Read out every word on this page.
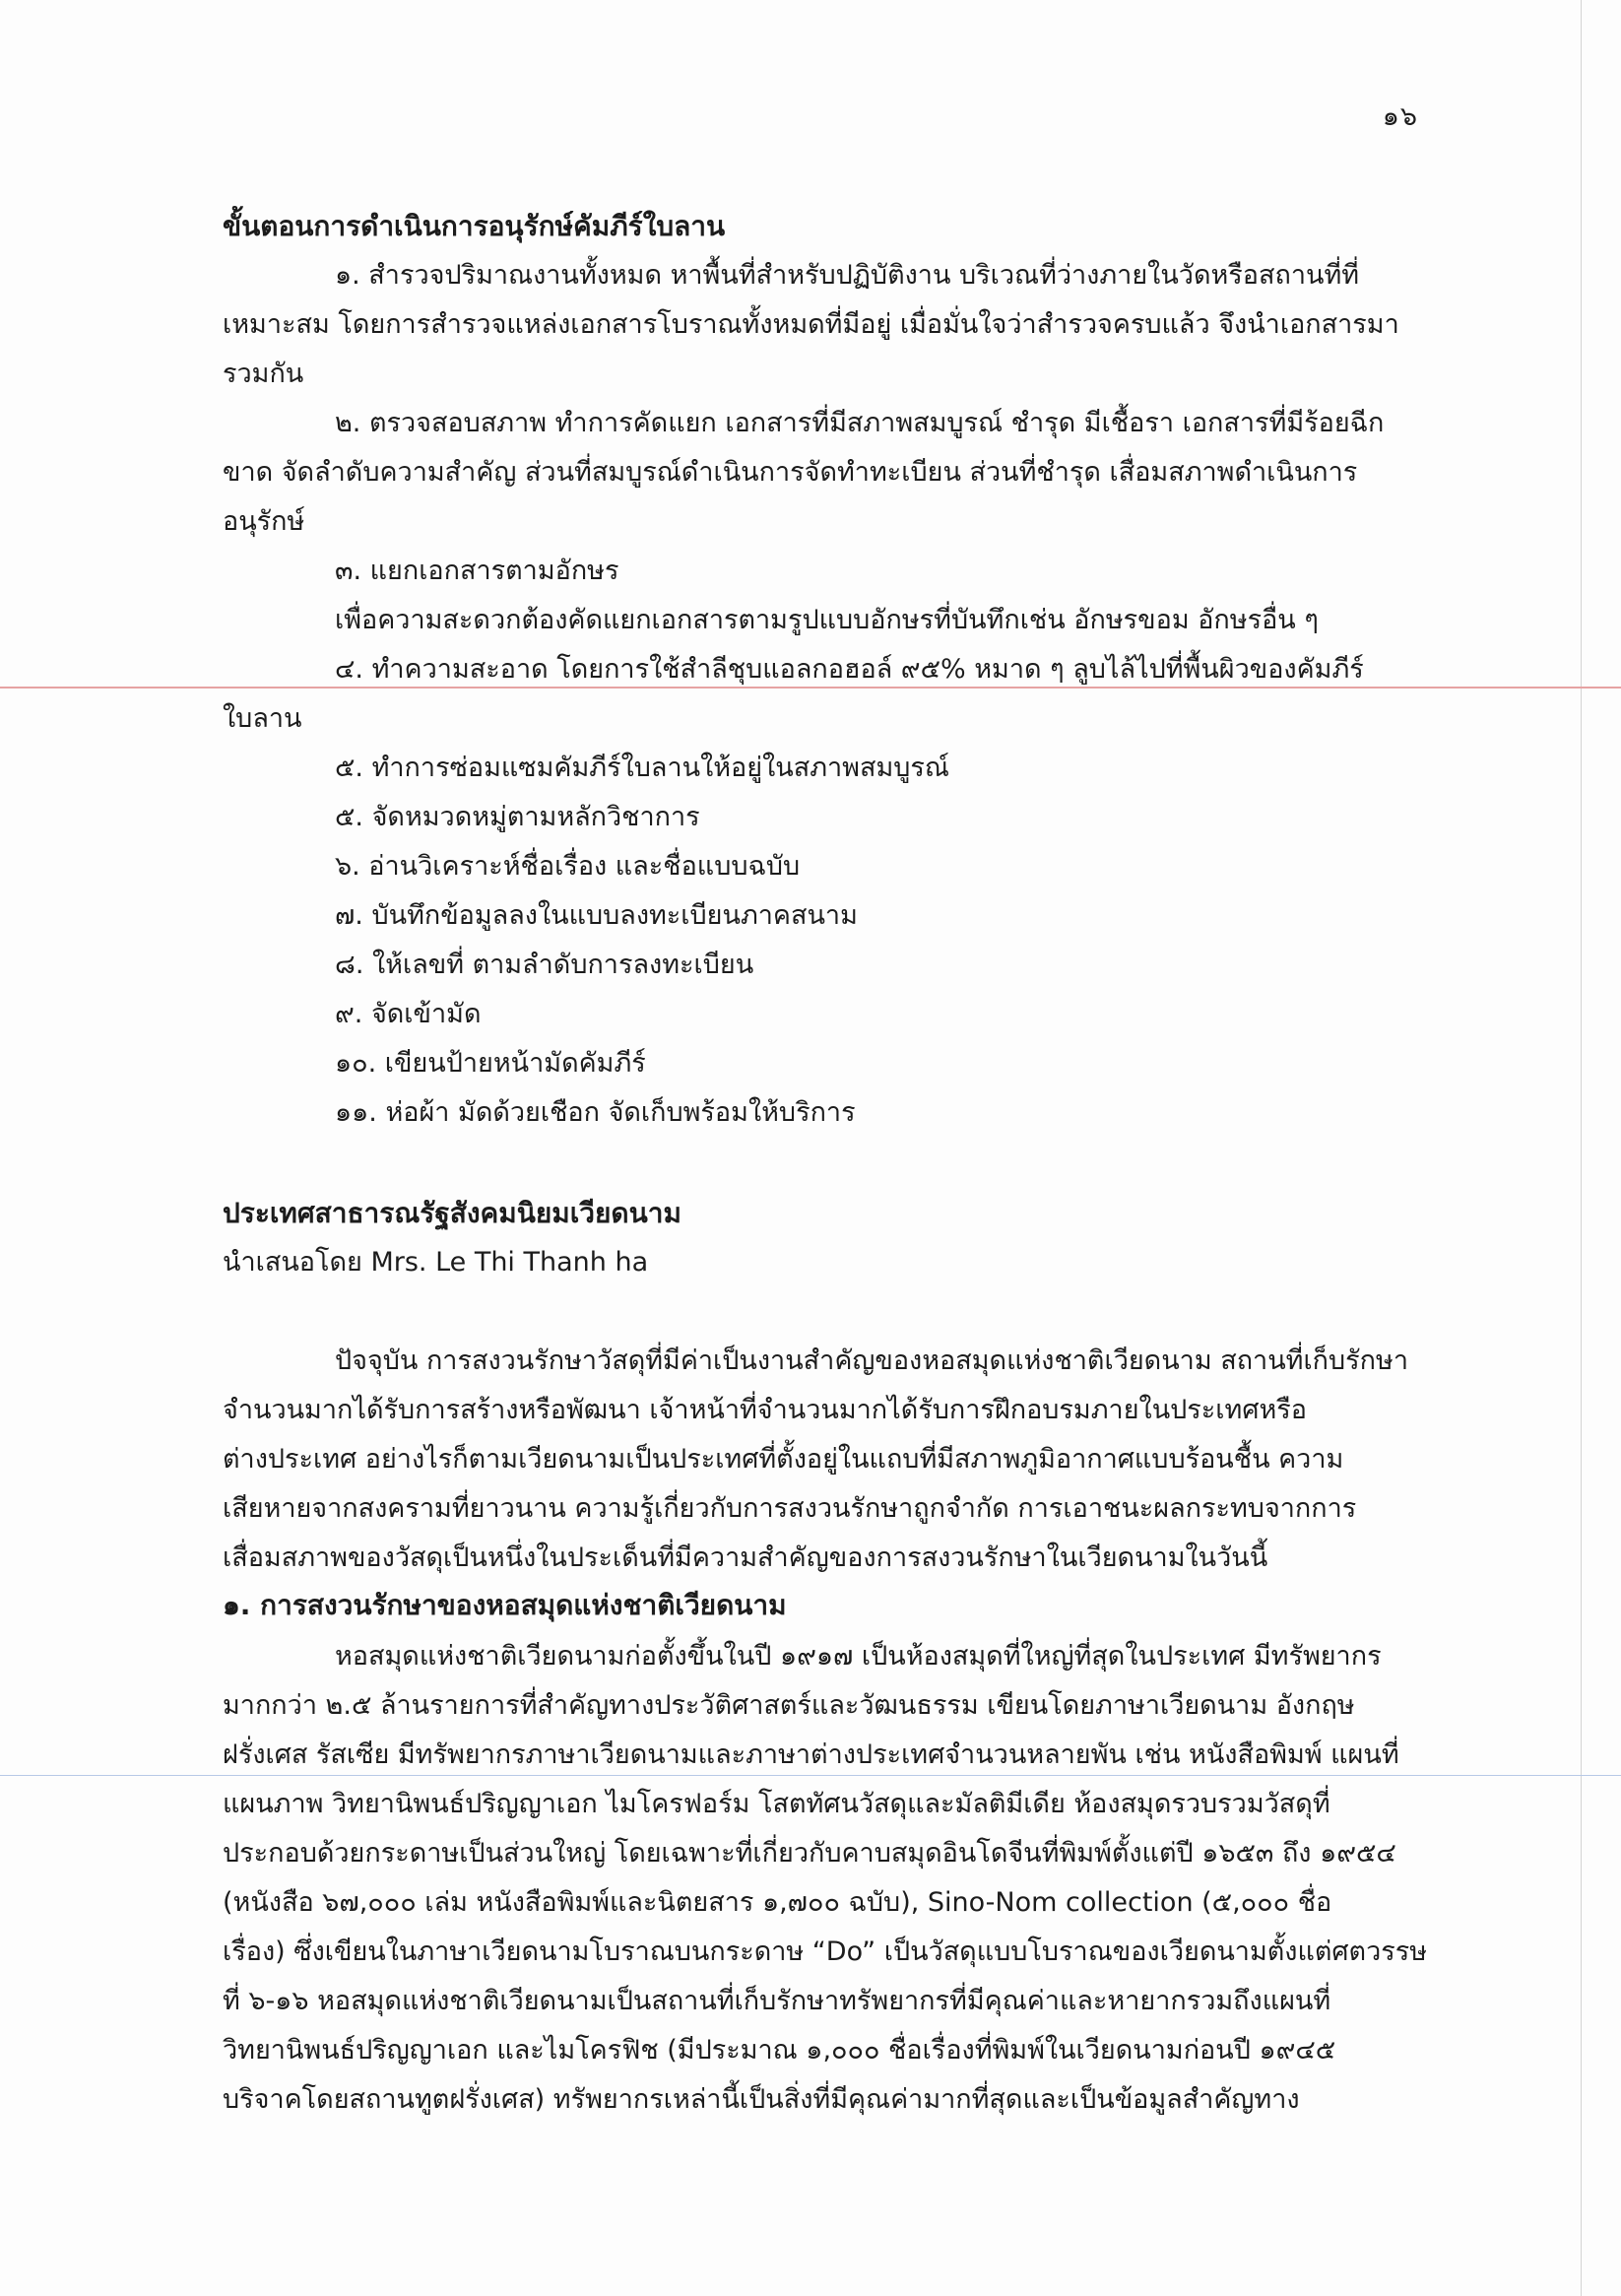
๑๖
ขั้นตอนการดำเนินการอนุรักษ์คัมภีร์ใบลาน
๑. สำรวจปริมาณงานทั้งหมด หาพื้นที่สำหรับปฏิบัติงาน บริเวณที่ว่างภายในวัดหรือสถานที่ที่
เหมาะสม โดยการสำรวจแหล่งเอกสารโบราณทั้งหมดที่มีอยู่ เมื่อมั่นใจว่าสำรวจครบแล้ว จึงนำเอกสารมา
รวมกัน
๒. ตรวจสอบสภาพ ทำการคัดแยก เอกสารที่มีสภาพสมบูรณ์ ชำรุด มีเชื้อรา เอกสารที่มีร้อยฉีก
ขาด จัดลำดับความสำคัญ ส่วนที่สมบูรณ์ดำเนินการจัดทำทะเบียน ส่วนที่ชำรุด เสื่อมสภาพดำเนินการ
อนุรักษ์
๓. แยกเอกสารตามอักษร
เพื่อความสะดวกต้องคัดแยกเอกสารตามรูปแบบอักษรที่บันทึกเช่น อักษรขอม อักษรอื่น ๆ
๔. ทำความสะอาด โดยการใช้สำลีชุบแอลกอฮอล์ ๙๕% หมาด ๆ ลูบไล้ไปที่พื้นผิวของคัมภีร์
ใบลาน
๕. ทำการซ่อมแซมคัมภีร์ใบลานให้อยู่ในสภาพสมบูรณ์
๕. จัดหมวดหมู่ตามหลักวิชาการ
๖. อ่านวิเคราะห์ชื่อเรื่อง และชื่อแบบฉบับ
๗. บันทึกข้อมูลลงในแบบลงทะเบียนภาคสนาม
๘. ให้เลขที่ ตามลำดับการลงทะเบียน
๙. จัดเข้ามัด
๑๐. เขียนป้ายหน้ามัดคัมภีร์
๑๑. ห่อผ้า มัดด้วยเชือก จัดเก็บพร้อมให้บริการ
ประเทศสาธารณรัฐสังคมนิยมเวียดนาม
นำเสนอโดย Mrs. Le Thi Thanh ha
ปัจจุบัน การสงวนรักษาวัสดุที่มีค่าเป็นงานสำคัญของหอสมุดแห่งชาติเวียดนาม สถานที่เก็บรักษา
จำนวนมากได้รับการสร้างหรือพัฒนา เจ้าหน้าที่จำนวนมากได้รับการฝึกอบรมภายในประเทศหรือ
ต่างประเทศ อย่างไรก็ตามเวียดนามเป็นประเทศที่ตั้งอยู่ในแถบที่มีสภาพภูมิอากาศแบบร้อนชื้น ความ
เสียหายจากสงครามที่ยาวนาน ความรู้เกี่ยวกับการสงวนรักษาถูกจำกัด การเอาชนะผลกระทบจากการ
เสื่อมสภาพของวัสดุเป็นหนึ่งในประเด็นที่มีความสำคัญของการสงวนรักษาในเวียดนามในวันนี้
๑. การสงวนรักษาของหอสมุดแห่งชาติเวียดนาม
หอสมุดแห่งชาติเวียดนามก่อตั้งขึ้นในปี ๑๙๑๗ เป็นห้องสมุดที่ใหญ่ที่สุดในประเทศ มีทรัพยากร
มากกว่า ๒.๕ ล้านรายการที่สำคัญทางประวัติศาสตร์และวัฒนธรรม เขียนโดยภาษาเวียดนาม อังกฤษ
ฝรั่งเศส รัสเซีย มีทรัพยากรภาษาเวียดนามและภาษาต่างประเทศจำนวนหลายพัน เช่น หนังสือพิมพ์ แผนที่
แผนภาพ วิทยานิพนธ์ปริญญาเอก ไมโครฟอร์ม โสตทัศนวัสดุและมัลติมีเดีย ห้องสมุดรวบรวมวัสดุที่
ประกอบด้วยกระดาษเป็นส่วนใหญ่ โดยเฉพาะที่เกี่ยวกับคาบสมุดอินโดจีนที่พิมพ์ตั้งแต่ปี ๑๖๕๓ ถึง ๑๙๕๔
(หนังสือ ๖๗,๐๐๐ เล่ม หนังสือพิมพ์และนิตยสาร ๑,๗๐๐ ฉบับ), Sino-Nom collection (๕,๐๐๐ ชื่อ
เรื่อง) ซึ่งเขียนในภาษาเวียดนามโบราณบนกระดาษ “Do” เป็นวัสดุแบบโบราณของเวียดนามตั้งแต่ศตวรรษ
ที่ ๖-๑๖ หอสมุดแห่งชาติเวียดนามเป็นสถานที่เก็บรักษาทรัพยากรที่มีคุณค่าและหายากรวมถึงแผนที่
วิทยานิพนธ์ปริญญาเอก และไมโครฟิช (มีประมาณ ๑,๐๐๐ ชื่อเรื่องที่พิมพ์ในเวียดนามก่อนปี ๑๙๔๕
บริจาคโดยสถานทูตฝรั่งเศส) ทรัพยากรเหล่านี้เป็นสิ่งที่มีคุณค่ามากที่สุดและเป็นข้อมูลสำคัญทาง
